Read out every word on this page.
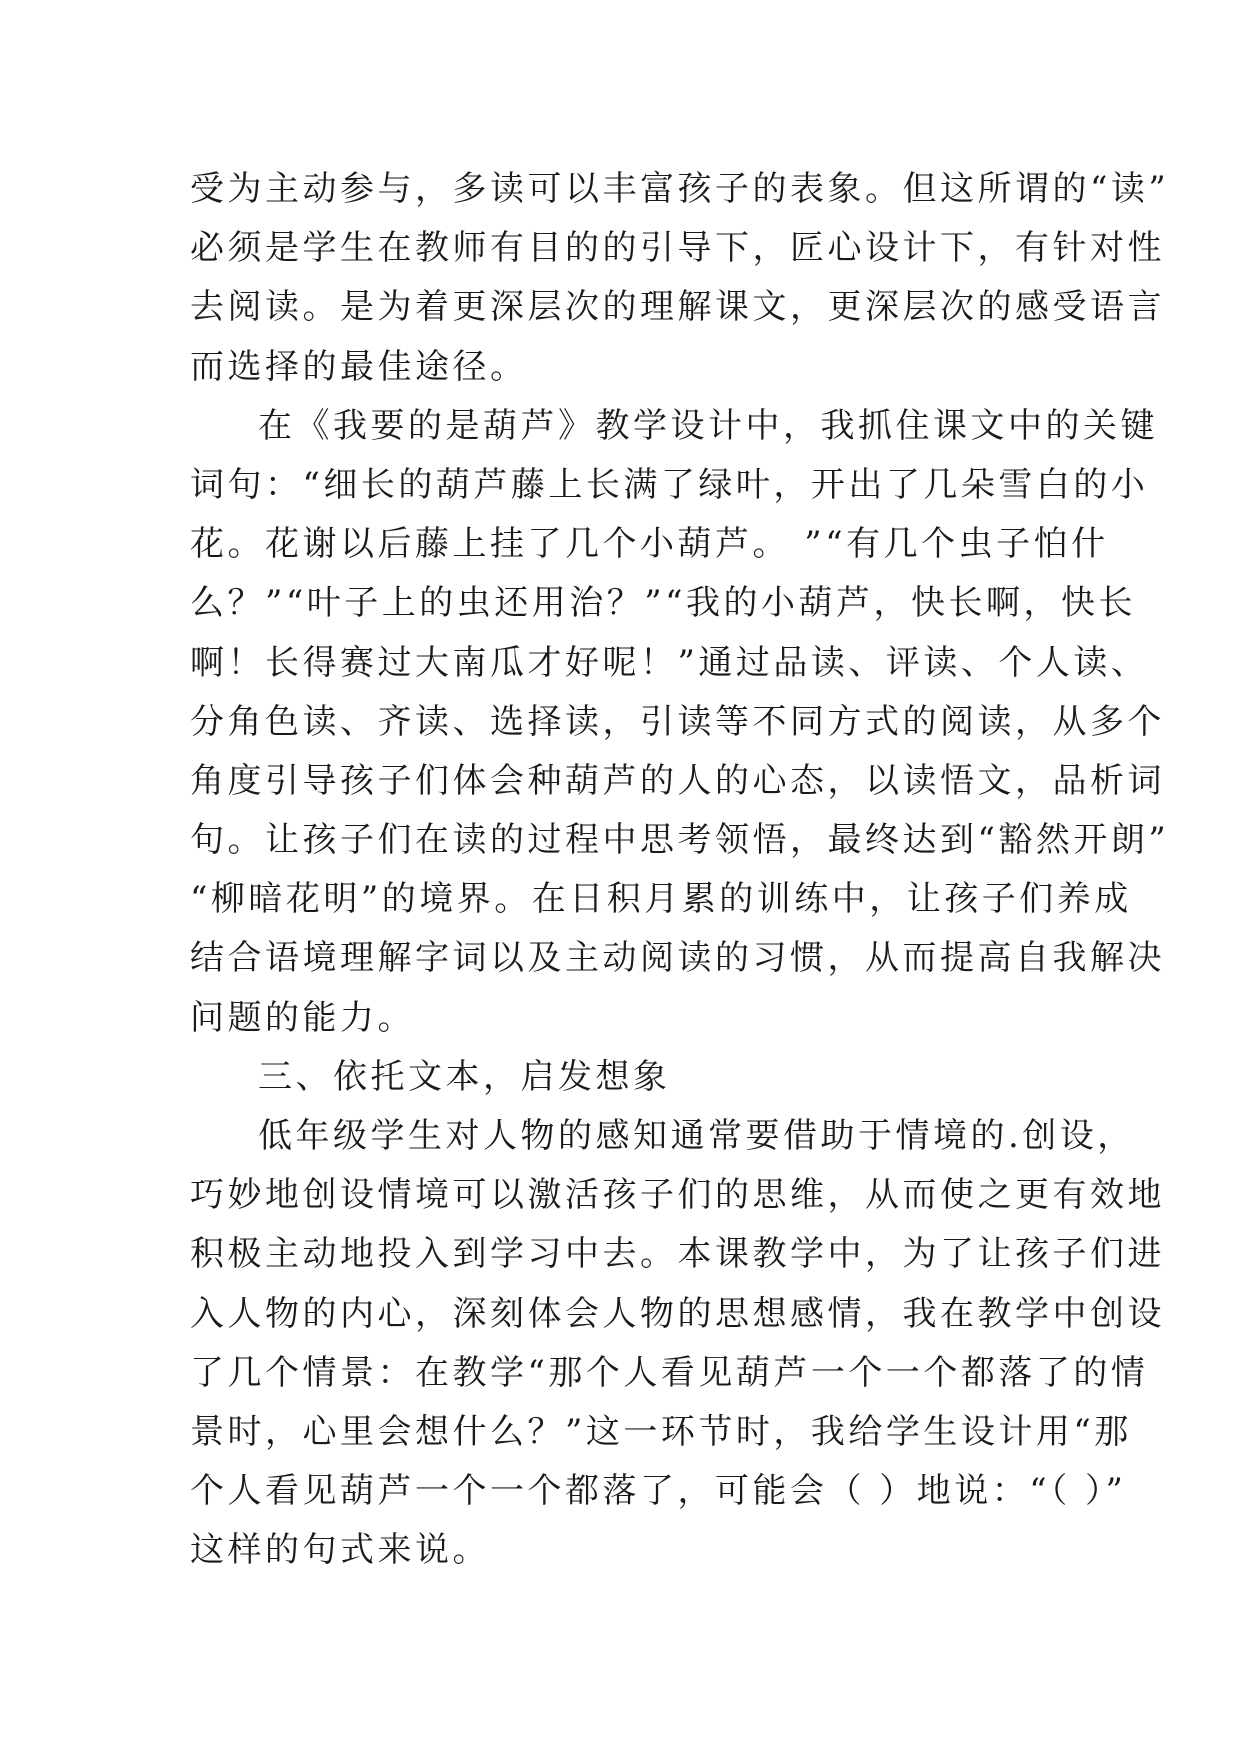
受为主动参与，多读可以丰富孩子的表象。但这所谓的“读”
必须是学生在教师有目的的引导下，匠心设计下，有针对性
去阅读。是为着更深层次的理解课文，更深层次的感受语言
而选择的最佳途径。
在《我要的是葫芦》教学设计中，我抓住课文中的关键
词句：“细长的葫芦藤上长满了绿叶，开出了几朵雪白的小
花。花谢以后藤上挂了几个小葫芦。 ”“有几个虫子怕什
么？”“叶子上的虫还用治？”“我的小葫芦，快长啊，快长
啊！长得赛过大南瓜才好呢！”通过品读、评读、个人读、
分角色读、齐读、选择读，引读等不同方式的阅读，从多个
角度引导孩子们体会种葫芦的人的心态，以读悟文，品析词
句。让孩子们在读的过程中思考领悟，最终达到“豁然开朗”
“柳暗花明”的境界。在日积月累的训练中，让孩子们养成
结合语境理解字词以及主动阅读的习惯，从而提高自我解决
问题的能力。
三、依托文本，启发想象
低年级学生对人物的感知通常要借助于情境的.创设，
巧妙地创设情境可以激活孩子们的思维，从而使之更有效地
积极主动地投入到学习中去。本课教学中，为了让孩子们进
入人物的内心，深刻体会人物的思想感情，我在教学中创设
了几个情景：在教学“那个人看见葫芦一个一个都落了的情
景时，心里会想什么？”这一环节时，我给学生设计用“那
个人看见葫芦一个一个都落了，可能会（ ）地说：“（ ）”
这样的句式来说。
